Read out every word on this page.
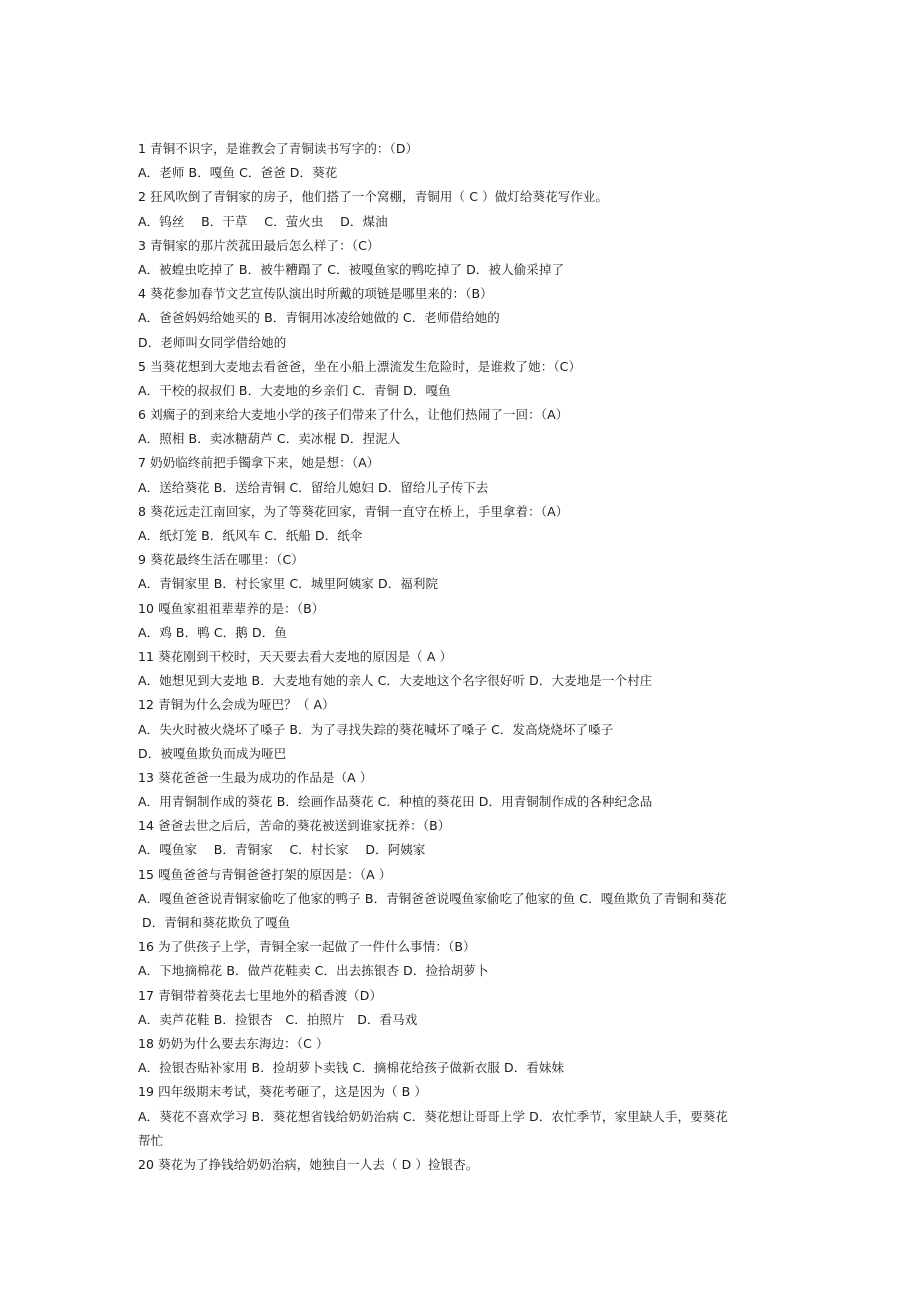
1 青铜不识字，是谁教会了青铜读书写字的：（D）
A．老师 B．嘎鱼 C．爸爸 D．葵花
2 狂风吹倒了青铜家的房子，他们搭了一个窝棚，青铜用（ C ）做灯给葵花写作业。
A．钨丝　 B．干草　 C．萤火虫　 D．煤油
3 青铜家的那片茨菰田最后怎么样了：（C）
A．被蝗虫吃掉了 B．被牛糟蹋了 C．被嘎鱼家的鸭吃掉了 D．被人偷采掉了
4 葵花参加春节文艺宣传队演出时所戴的项链是哪里来的：（B）
A．爸爸妈妈给她买的 B．青铜用冰凌给她做的 C．老师借给她的
D．老师叫女同学借给她的
5 当葵花想到大麦地去看爸爸，坐在小船上漂流发生危险时，是谁救了她：（C）
A．干校的叔叔们 B．大麦地的乡亲们 C．青铜 D．嘎鱼
6 刘瘸子的到来给大麦地小学的孩子们带来了什么，让他们热闹了一回：（A）
A．照相 B．卖冰糖葫芦 C．卖冰棍 D．捏泥人
7 奶奶临终前把手镯拿下来，她是想：（A）
A．送给葵花 B．送给青铜 C．留给儿媳妇 D．留给儿子传下去
8 葵花远走江南回家，为了等葵花回家，青铜一直守在桥上，手里拿着：（A）
A．纸灯笼 B．纸风车 C．纸船 D．纸伞
9 葵花最终生活在哪里：（C）
A．青铜家里 B．村长家里 C．城里阿姨家 D．福利院
10 嘎鱼家祖祖辈辈养的是：（B）
A．鸡 B．鸭 C．鹅 D．鱼
11 葵花刚到干校时，天天要去看大麦地的原因是（ A ）
A．她想见到大麦地 B．大麦地有她的亲人 C．大麦地这个名字很好听 D．大麦地是一个村庄
12 青铜为什么会成为哑巴？（ A）
A．失火时被火烧坏了嗓子 B．为了寻找失踪的葵花喊坏了嗓子 C．发高烧烧坏了嗓子
D．被嘎鱼欺负而成为哑巴
13 葵花爸爸一生最为成功的作品是（A ）
A．用青铜制作成的葵花 B．绘画作品葵花 C．种植的葵花田 D．用青铜制作成的各种纪念品
14 爸爸去世之后后，苦命的葵花被送到谁家抚养：（B）
A．嘎鱼家　 B．青铜家　 C．村长家　 D．阿姨家
15 嘎鱼爸爸与青铜爸爸打架的原因是：（A ）
A．嘎鱼爸爸说青铜家偷吃了他家的鸭子 B．青铜爸爸说嘎鱼家偷吃了他家的鱼 C．嘎鱼欺负了青铜和葵花
D．青铜和葵花欺负了嘎鱼
16 为了供孩子上学，青铜全家一起做了一件什么事情：（B）
A．下地摘棉花 B．做芦花鞋卖 C．出去拣银杏 D．捡拾胡萝卜
17 青铜带着葵花去七里地外的稻香渡（D）
A．卖芦花鞋 B．捡银杏　C．拍照片　D．看马戏
18 奶奶为什么要去东海边：（C ）
A．捡银杏贴补家用 B．捡胡萝卜卖钱 C．摘棉花给孩子做新衣服 D．看妹妹
19 四年级期末考试，葵花考砸了，这是因为（ B ）
A．葵花不喜欢学习 B．葵花想省钱给奶奶治病 C．葵花想让哥哥上学 D．农忙季节，家里缺人手，要葵花
帮忙
20 葵花为了挣钱给奶奶治病，她独自一人去（ D ）捡银杏。
